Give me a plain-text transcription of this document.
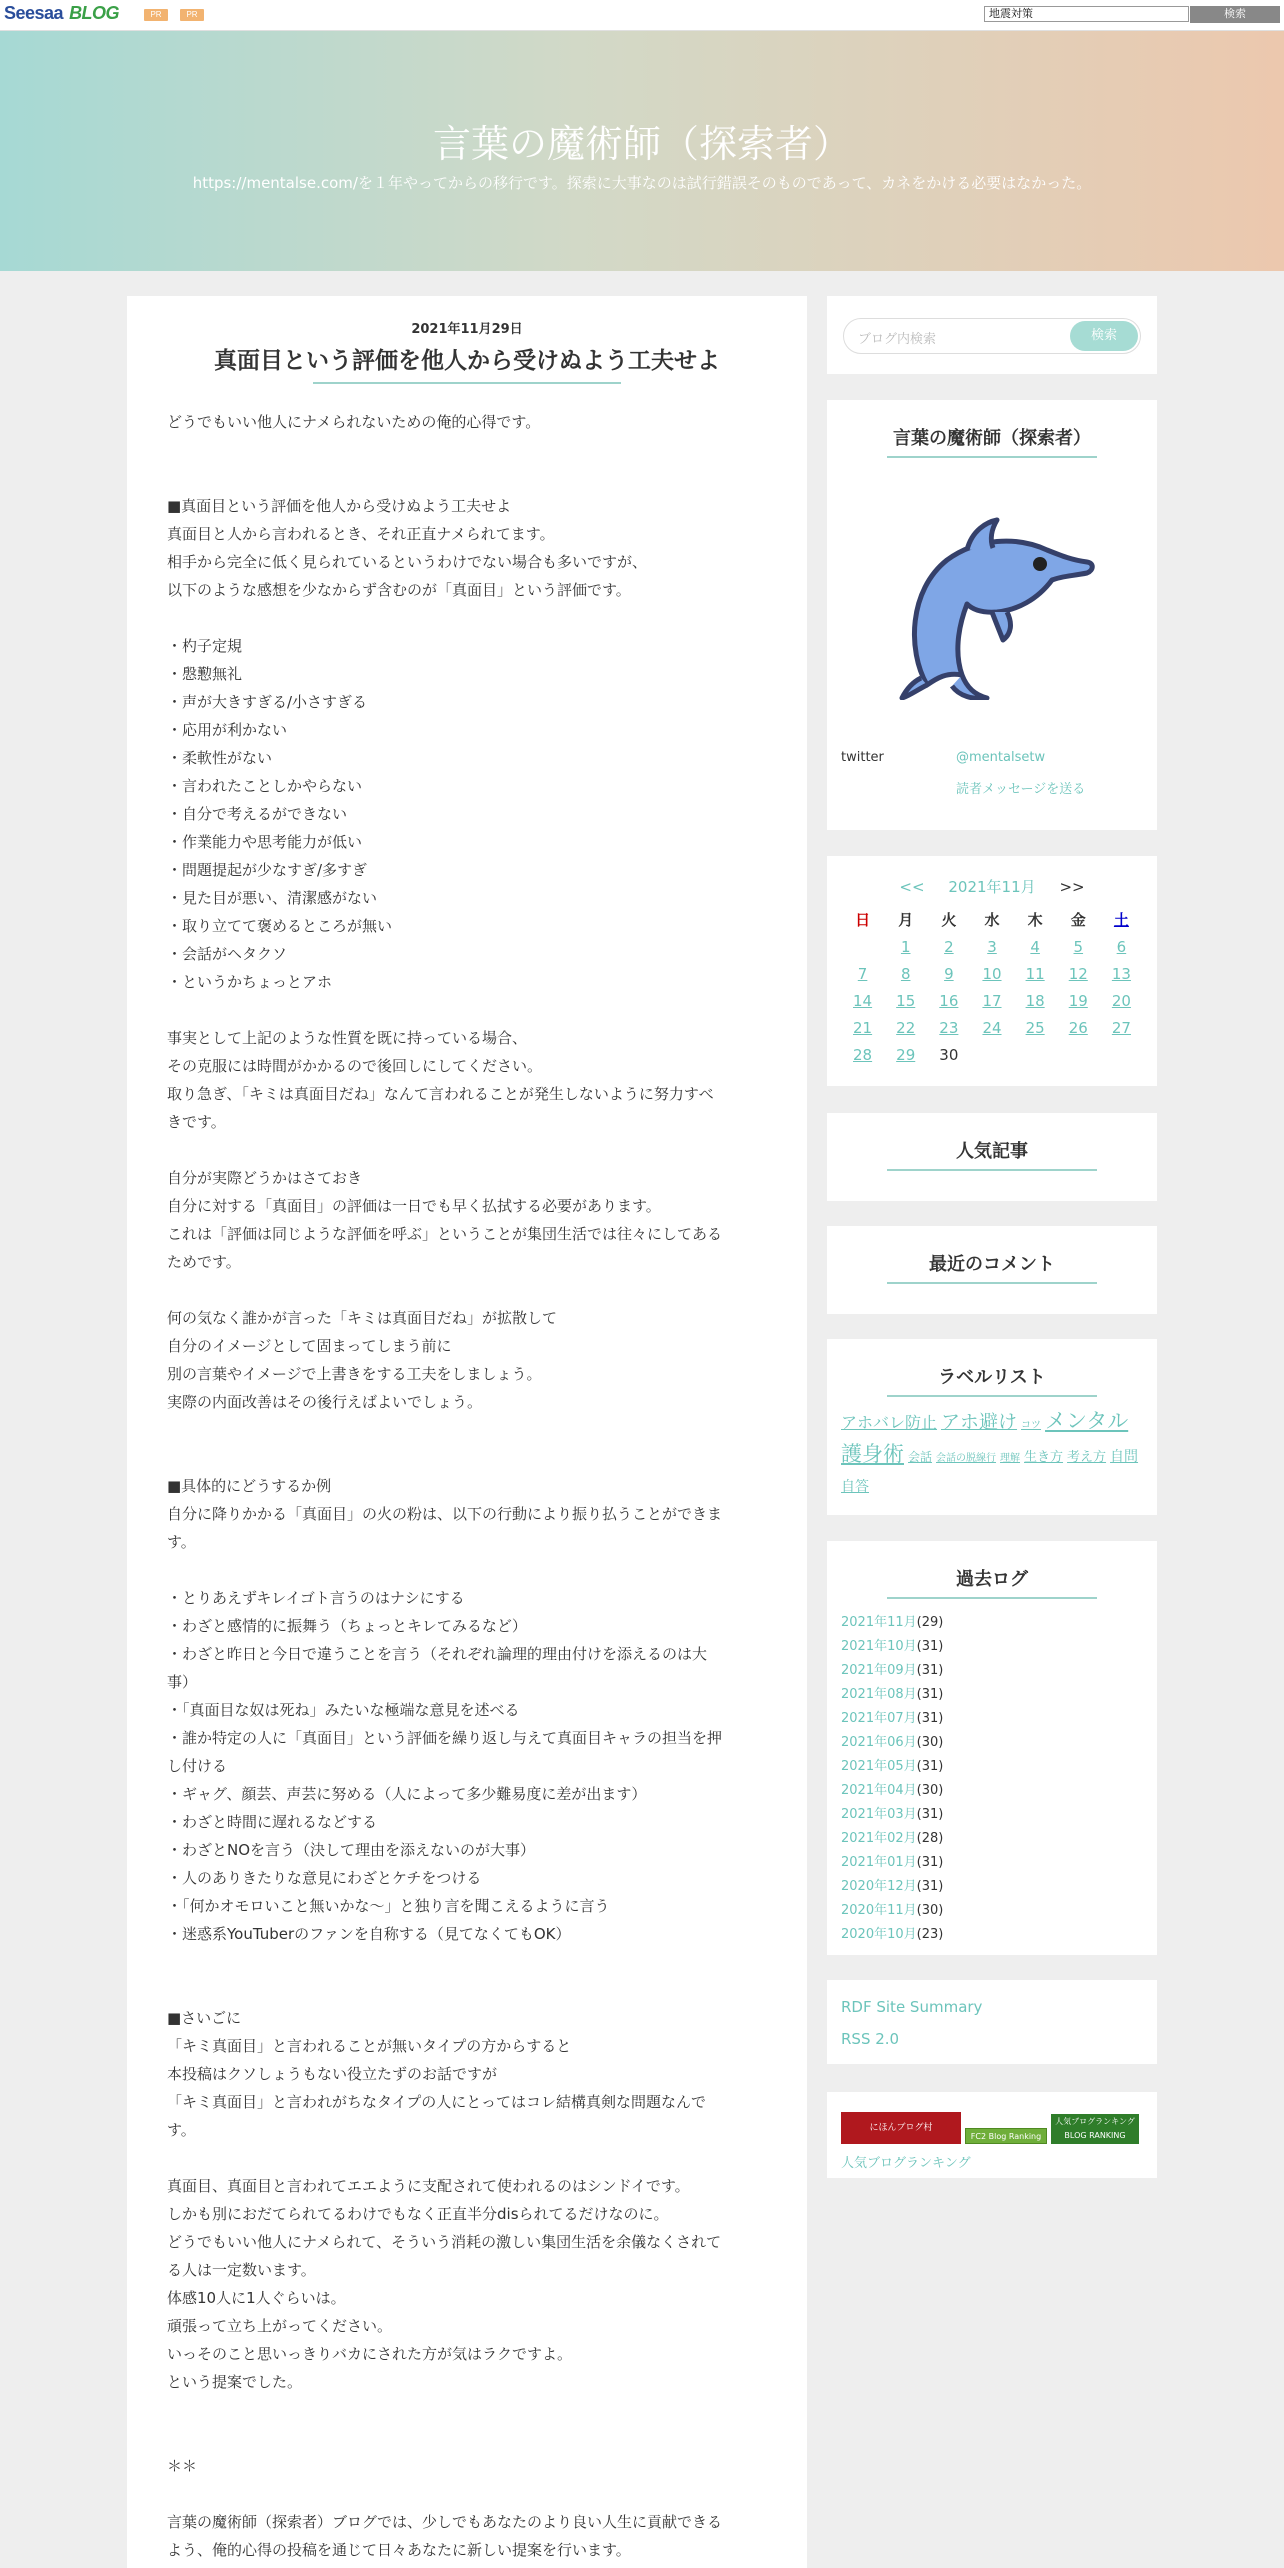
Seesaa BLOG	PR	PR	地震対策	検索
言葉の魔術師（探索者）
https://mentalse.com/を１年やってからの移行です。探索に大事なのは試行錯誤そのものであって、カネをかける必要はなかった。
2021年11月29日
真面目という評価を他人から受けぬよう工夫せよ
どうでもいい他人にナメられないための俺的心得です。
■真面目という評価を他人から受けぬよう工夫せよ
真面目と人から言われるとき、それ正直ナメられてます。
相手から完全に低く見られているというわけでない場合も多いですが、
以下のような感想を少なからず含むのが「真面目」という評価です。
・杓子定規
・慇懃無礼
・声が大きすぎる/小さすぎる
・応用が利かない
・柔軟性がない
・言われたことしかやらない
・自分で考えるができない
・作業能力や思考能力が低い
・問題提起が少なすぎ/多すぎ
・見た目が悪い、清潔感がない
・取り立てて褒めるところが無い
・会話がヘタクソ
・というかちょっとアホ
事実として上記のような性質を既に持っている場合、
その克服には時間がかかるので後回しにしてください。
取り急ぎ、「キミは真面目だね」なんて言われることが発生しないように努力すべ
きです。
自分が実際どうかはさておき
自分に対する「真面目」の評価は一日でも早く払拭する必要があります。
これは「評価は同じような評価を呼ぶ」ということが集団生活では往々にしてある
ためです。
何の気なく誰かが言った「キミは真面目だね」が拡散して
自分のイメージとして固まってしまう前に
別の言葉やイメージで上書きをする工夫をしましょう。
実際の内面改善はその後行えばよいでしょう。
■具体的にどうするか例
自分に降りかかる「真面目」の火の粉は、以下の行動により振り払うことができま
す。
・とりあえずキレイゴト言うのはナシにする
・わざと感情的に振舞う（ちょっとキレてみるなど）
・わざと昨日と今日で違うことを言う（それぞれ論理的理由付けを添えるのは大
事）
・「真面目な奴は死ね」みたいな極端な意見を述べる
・誰か特定の人に「真面目」という評価を繰り返し与えて真面目キャラの担当を押
し付ける
・ギャグ、顔芸、声芸に努める（人によって多少難易度に差が出ます）
・わざと時間に遅れるなどする
・わざとNOを言う（決して理由を添えないのが大事）
・人のありきたりな意見にわざとケチをつける
・「何かオモロいこと無いかな～」と独り言を聞こえるように言う
・迷惑系YouTuberのファンを自称する（見てなくてもOK）
■さいごに
「キミ真面目」と言われることが無いタイプの方からすると
本投稿はクソしょうもない役立たずのお話ですが
「キミ真面目」と言われがちなタイプの人にとってはコレ結構真剣な問題なんで
す。
真面目、真面目と言われてエエように支配されて使われるのはシンドイです。
しかも別におだてられてるわけでもなく正直半分disられてるだけなのに。
どうでもいい他人にナメられて、そういう消耗の激しい集団生活を余儀なくされて
る人は一定数います。
体感10人に1人ぐらいは。
頑張って立ち上がってください。
いっそのこと思いっきりバカにされた方が気はラクですよ。
という提案でした。
＊＊
言葉の魔術師（探索者）ブログでは、少しでもあなたのより良い人生に貢献できる
よう、俺的心得の投稿を通じて日々あなたに新しい提案を行います。
ブログ内検索	検索
言葉の魔術師（探索者）
twitter	@mentalsetw
読者メッセージを送る
<< 2021年11月 >>
日	月	火	水	木	金	土
	1	2	3	4	5	6
7	8	9	10	11	12	13
14	15	16	17	18	19	20
21	22	23	24	25	26	27
28	29	30				
人気記事
最近のコメント
ラベルリスト
アホバレ防止 アホ避け コツ メンタル護身術 会話 会話の脱線行 理解 生き方 考え方 自問自答
過去ログ
2021年11月(29)
2021年10月(31)
2021年09月(31)
2021年08月(31)
2021年07月(31)
2021年06月(30)
2021年05月(31)
2021年04月(30)
2021年03月(31)
2021年02月(28)
2021年01月(31)
2020年12月(31)
2020年11月(30)
2020年10月(23)
RDF Site Summary
RSS 2.0
にほんブログ村
FC2 Blog Ranking
人気ブログランキング BLOG RANKING
人気ブログランキング
